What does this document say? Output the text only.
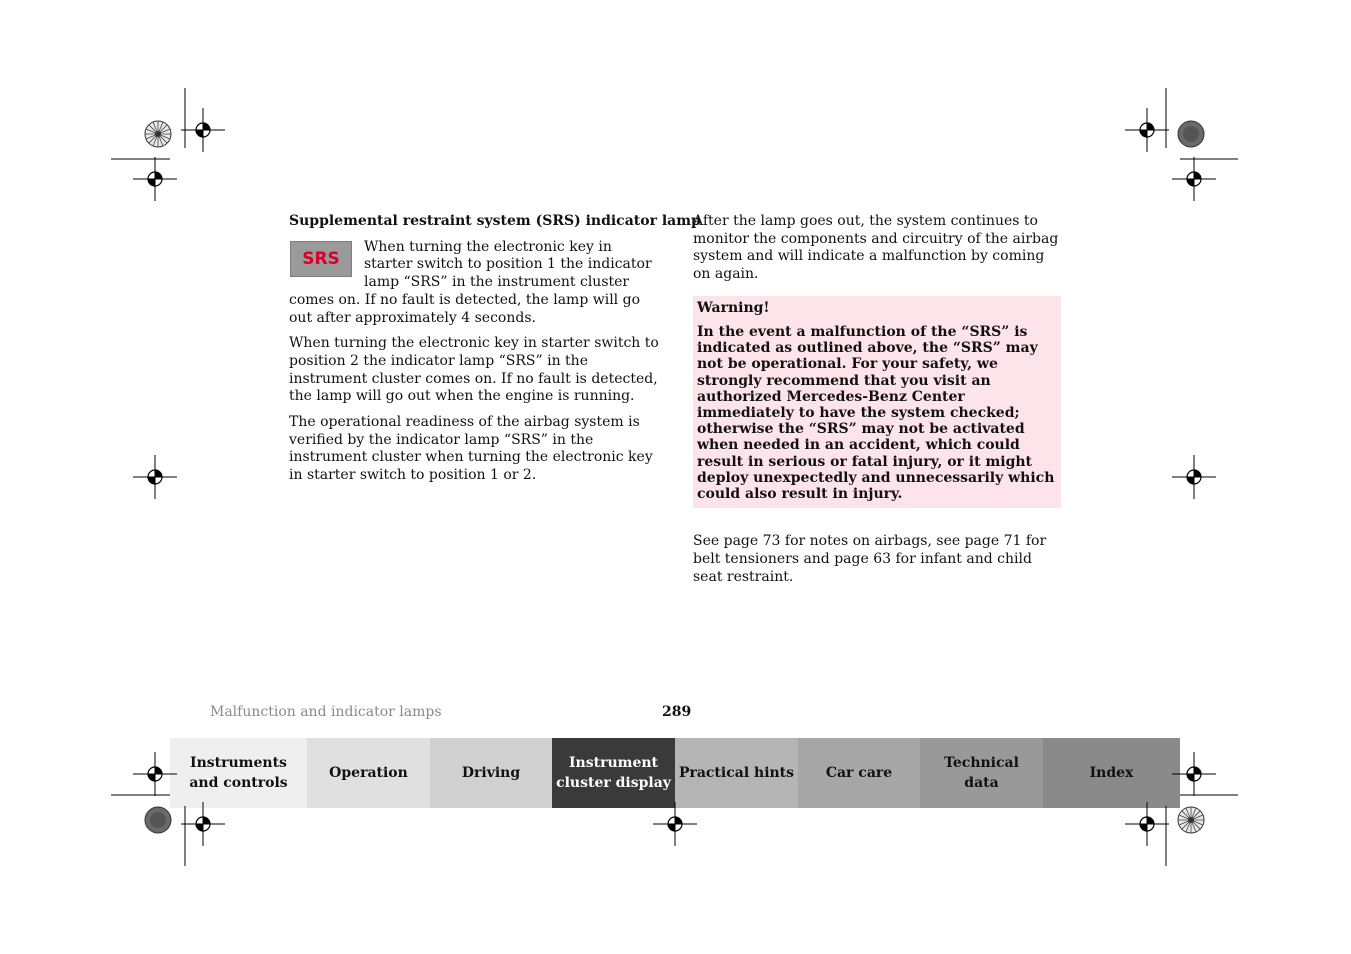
Supplemental restraint system (SRS) indicator lamp
SRS

When turning the electronic key in starter switch to position 1 the indicator lamp “SRS” in the instrument cluster comes on. If no fault is detected, the lamp will go out after approximately 4 seconds.

When turning the electronic key in starter switch to position 2 the indicator lamp “SRS” in the instrument cluster comes on. If no fault is detected, the lamp will go out when the engine is running.

The operational readiness of the airbag system is verified by the indicator lamp “SRS” in the instrument cluster when turning the electronic key in starter switch to position 1 or 2.

After the lamp goes out, the system continues to monitor the components and circuitry of the airbag system and will indicate a malfunction by coming on again.

Warning!
In the event a malfunction of the “SRS” is indicated as outlined above, the “SRS” may not be operational. For your safety, we strongly recommend that you visit an authorized Mercedes-Benz Center immediately to have the system checked; otherwise the “SRS” may not be activated when needed in an accident, which could result in serious or fatal injury, or it might deploy unexpectedly and unnecessarily which could also result in injury.

See page 73 for notes on airbags, see page 71 for belt tensioners and page 63 for infant and child seat restraint.

Malfunction and indicator lamps	289
Instruments
and controls
Operation	Driving
Instrument
cluster display
Practical hints Car care
Technical
data
Index
